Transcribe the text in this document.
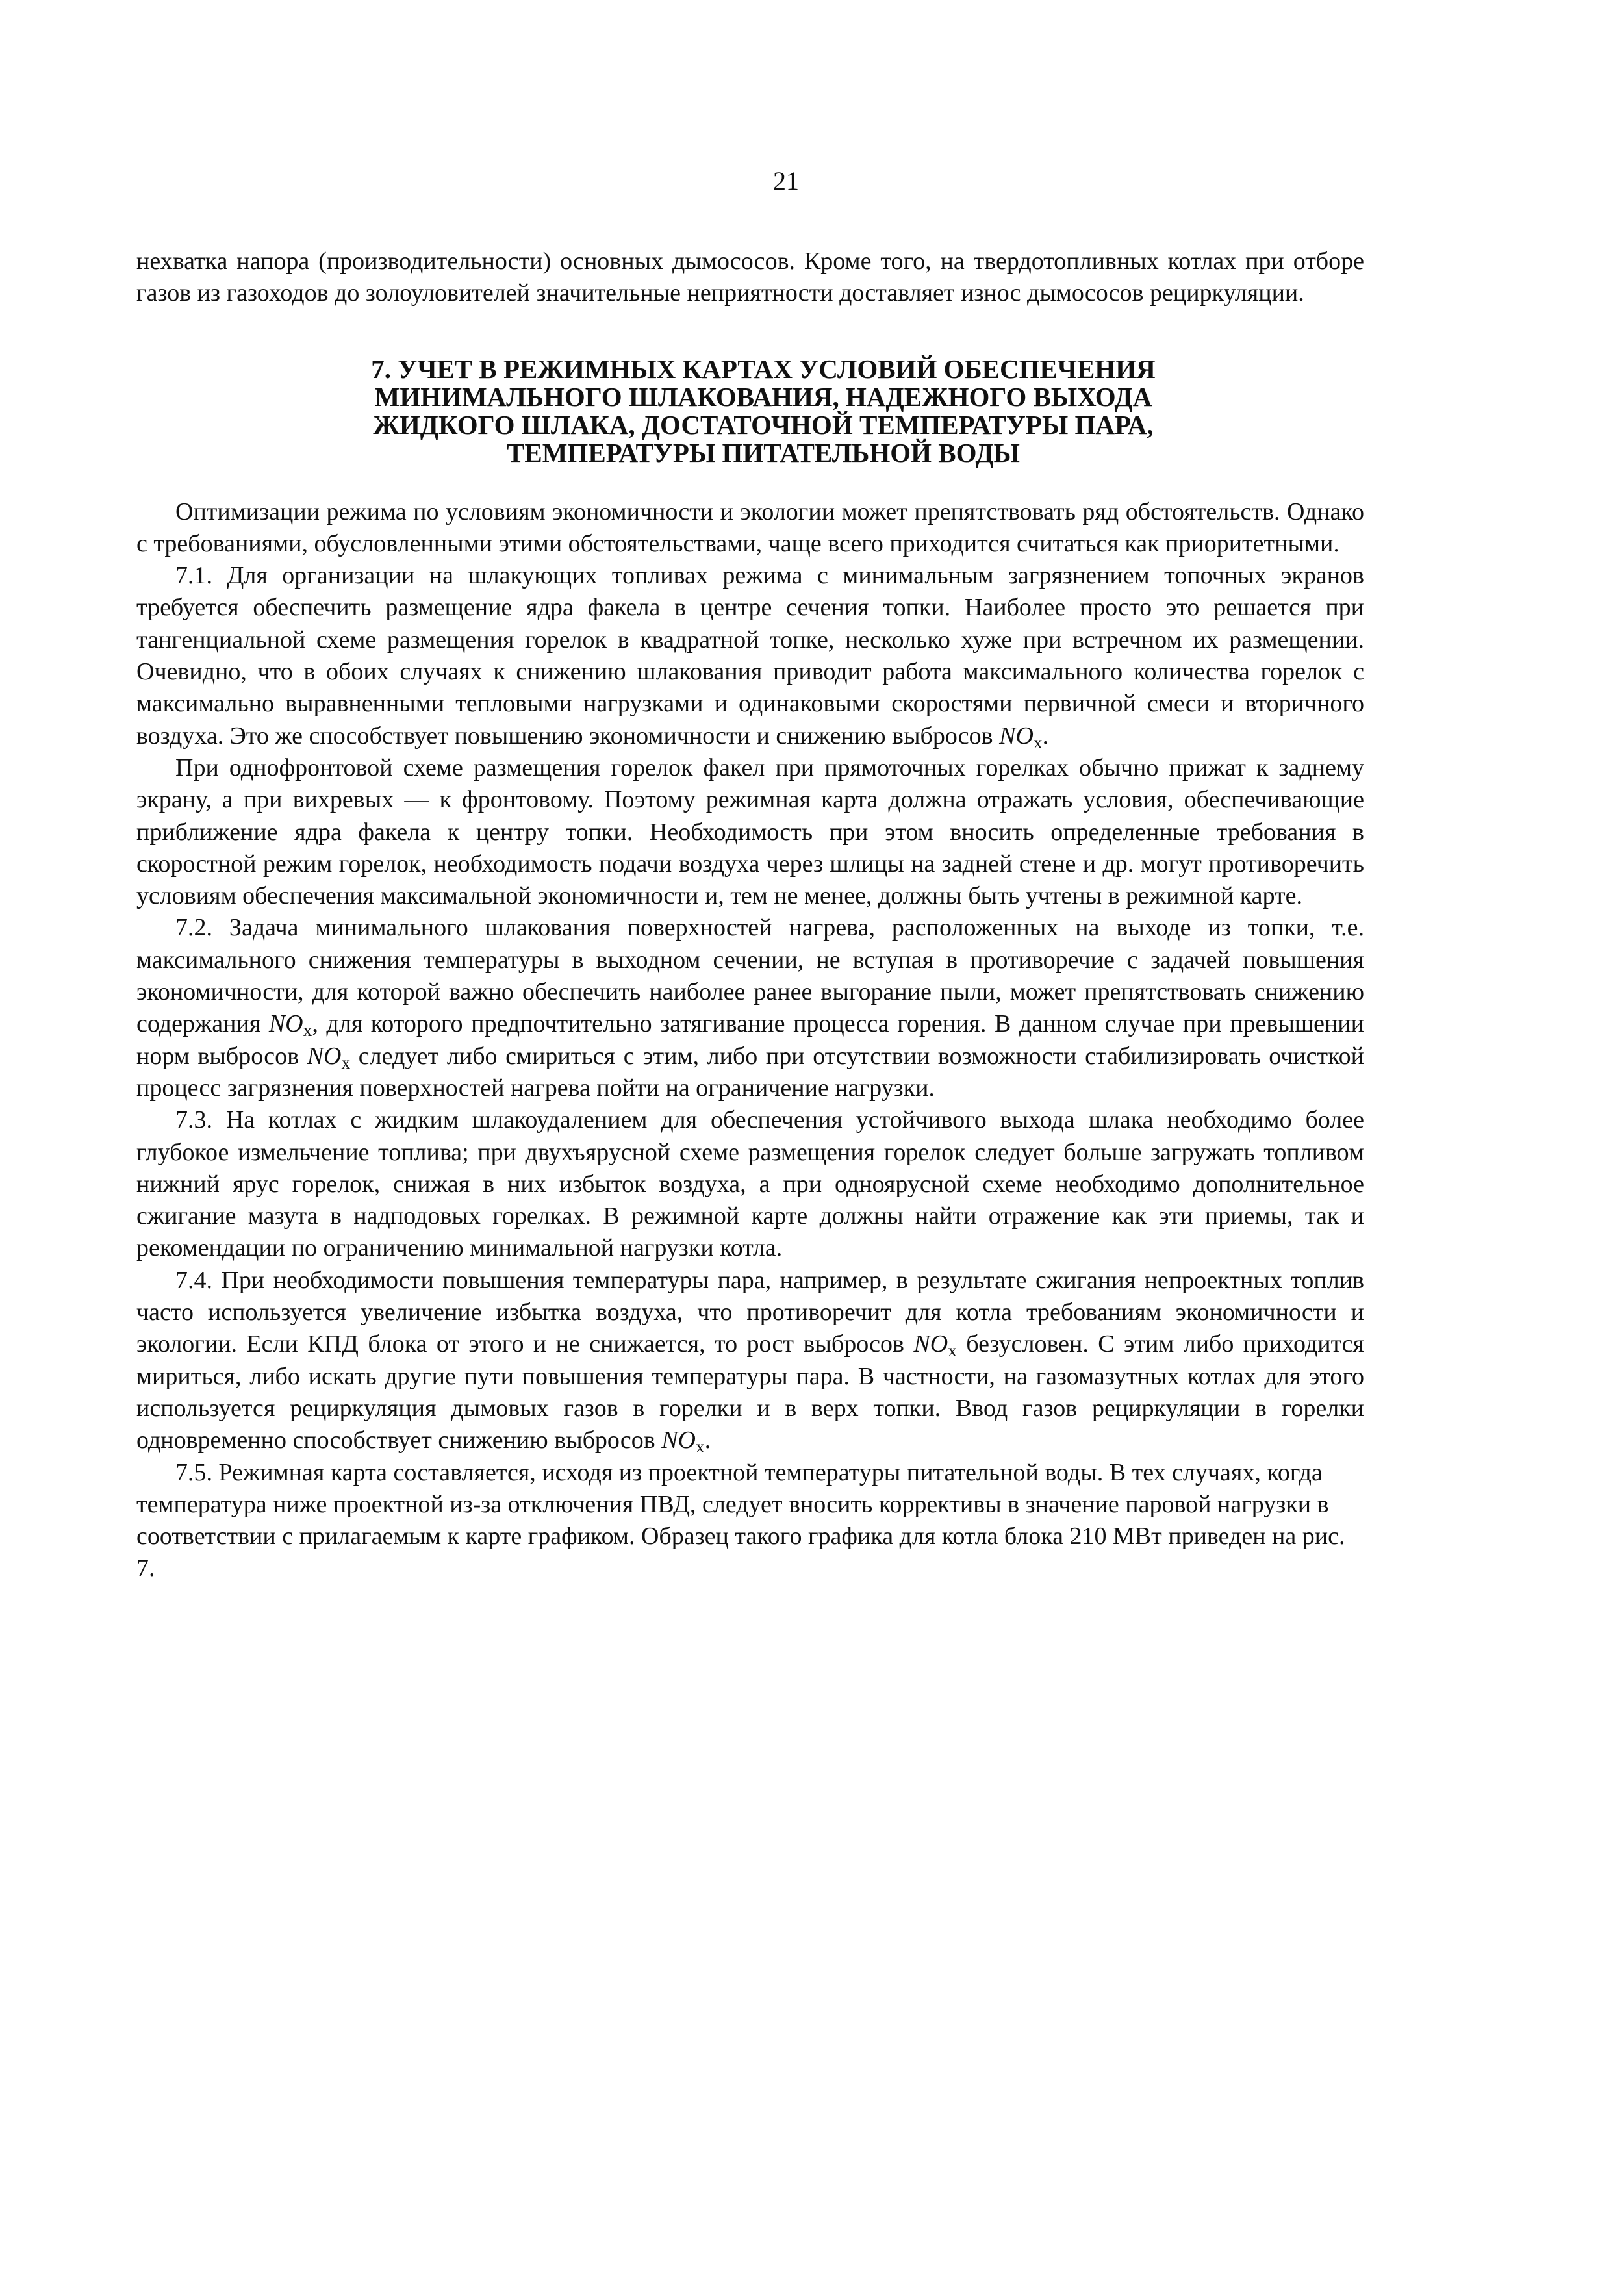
21

нехватка напора (производительности) основных дымососов. Кроме того, на твердотопливных котлах при отборе газов из газоходов до золоуловителей значительные неприятности доставляет износ дымососов рециркуляции.

7. УЧЕТ В РЕЖИМНЫХ КАРТАХ УСЛОВИЙ ОБЕСПЕЧЕНИЯ
МИНИМАЛЬНОГО ШЛАКОВАНИЯ, НАДЕЖНОГО ВЫХОДА
ЖИДКОГО ШЛАКА, ДОСТАТОЧНОЙ ТЕМПЕРАТУРЫ ПАРА,
ТЕМПЕРАТУРЫ ПИТАТЕЛЬНОЙ ВОДЫ

Оптимизации режима по условиям экономичности и экологии может препятствовать ряд обстоятельств. Однако с требованиями, обусловленными этими обстоятельствами, чаще всего приходится считаться как приоритетными.

7.1. Для организации на шлакующих топливах режима с минимальным загрязнением топочных экранов требуется обеспечить размещение ядра факела в центре сечения топки. Наиболее просто это решается при тангенциальной схеме размещения горелок в квадратной топке, несколько хуже при встречном их размещении. Очевидно, что в обоих случаях к снижению шлакования приводит работа максимального количества горелок с максимально выравненными тепловыми нагрузками и одинаковыми скоростями первичной смеси и вторичного воздуха. Это же способствует повышению экономичности и снижению выбросов NOx.

При однофронтовой схеме размещения горелок факел при прямоточных горелках обычно прижат к заднему экрану, а при вихревых — к фронтовому. Поэтому режимная карта должна отражать условия, обеспечивающие приближение ядра факела к центру топки. Необходимость при этом вносить определенные требования в скоростной режим горелок, необходимость подачи воздуха через шлицы на задней стене и др. могут противоречить условиям обеспечения максимальной экономичности и, тем не менее, должны быть учтены в режимной карте.

7.2. Задача минимального шлакования поверхностей нагрева, расположенных на выходе из топки, т.е. максимального снижения температуры в выходном сечении, не вступая в противоречие с задачей повышения экономичности, для которой важно обеспечить наиболее ранее выгорание пыли, может препятствовать снижению содержания NOx, для которого предпочтительно затягивание процесса горения. В данном случае при превышении норм выбросов NOx следует либо смириться с этим, либо при отсутствии возможности стабилизировать очисткой процесс загрязнения поверхностей нагрева пойти на ограничение нагрузки.

7.3. На котлах с жидким шлакоудалением для обеспечения устойчивого выхода шлака необходимо более глубокое измельчение топлива; при двухъярусной схеме размещения горелок следует больше загружать топливом нижний ярус горелок, снижая в них избыток воздуха, а при одноярусной схеме необходимо дополнительное сжигание мазута в надподовых горелках. В режимной карте должны найти отражение как эти приемы, так и рекомендации по ограничению минимальной нагрузки котла.

7.4. При необходимости повышения температуры пара, например, в результате сжигания непроектных топлив часто используется увеличение избытка воздуха, что противоречит для котла требованиям экономичности и экологии. Если КПД блока от этого и не снижается, то рост выбросов NOx безусловен. С этим либо приходится мириться, либо искать другие пути повышения температуры пара. В частности, на газомазутных котлах для этого используется рециркуляция дымовых газов в горелки и в верх топки. Ввод газов рециркуляции в горелки одновременно способствует снижению выбросов NOx.

7.5. Режимная карта составляется, исходя из проектной температуры питательной воды. В тех случаях, когда температура ниже проектной из-за отключения ПВД, следует вносить коррективы в значение паровой нагрузки в соответствии с прилагаемым к карте графиком. Образец такого графика для котла блока 210 МВт приведен на рис. 7.
